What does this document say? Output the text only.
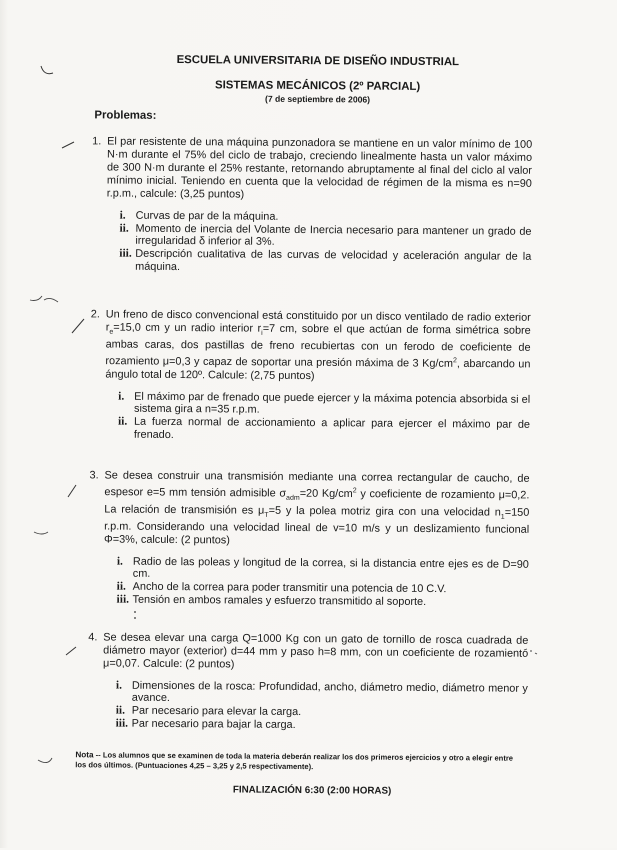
ESCUELA UNIVERSITARIA DE DISEÑO INDUSTRIAL
SISTEMAS MECÁNICOS (2º PARCIAL)
(7 de septiembre de 2006)
Problemas:
1. El par resistente de una máquina punzonadora se mantiene en un valor mínimo de 100 N·m durante el 75% del ciclo de trabajo, creciendo linealmente hasta un valor máximo de 300 N·m durante el 25% restante, retornando abruptamente al final del ciclo al valor mínimo inicial. Teniendo en cuenta que la velocidad de régimen de la misma es n=90 r.p.m., calcule: (3,25 puntos)
i. Curvas de par de la máquina.
ii. Momento de inercia del Volante de Inercia necesario para mantener un grado de irregularidad δ inferior al 3%.
iii. Descripción cualitativa de las curvas de velocidad y aceleración angular de la máquina.
2. Un freno de disco convencional está constituido por un disco ventilado de radio exterior $r_e=15,0$ cm y un radio interior $r_i=7$ cm, sobre el que actúan de forma simétrica sobre ambas caras, dos pastillas de freno recubiertas con un ferodo de coeficiente de rozamiento μ=0,3 y capaz de soportar una presión máxima de 3 $Kg/cm^2$, abarcando un ángulo total de 120º. Calcule: (2,75 puntos)
i. El máximo par de frenado que puede ejercer y la máxima potencia absorbida si el sistema gira a n=35 r.p.m.
ii. La fuerza normal de accionamiento a aplicar para ejercer el máximo par de frenado.
3. Se desea construir una transmisión mediante una correa rectangular de caucho, de espesor e=5 mm tensión admisible $\sigma_{adm}=20$ $Kg/cm^2$ y coeficiente de rozamiento μ=0,2. La relación de transmisión es $\mu_T=5$ y la polea motriz gira con una velocidad $n_1=150$ r.p.m. Considerando una velocidad lineal de v=10 m/s y un deslizamiento funcional Φ=3%, calcule: (2 puntos)
i. Radio de las poleas y longitud de la correa, si la distancia entre ejes es de D=90 cm.
ii. Ancho de la correa para poder transmitir una potencia de 10 C.V.
iii. Tensión en ambos ramales y esfuerzo transmitido al soporte.
4. Se desea elevar una carga Q=1000 Kg con un gato de tornillo de rosca cuadrada de diámetro mayor (exterior) d=44 mm y paso h=8 mm, con un coeficiente de rozamiento μ=0,07. Calcule: (2 puntos)
i. Dimensiones de la rosca: Profundidad, ancho, diámetro medio, diámetro menor y avance.
ii. Par necesario para elevar la carga.
iii. Par necesario para bajar la carga.
Nota -- Los alumnos que se examinen de toda la materia deberán realizar los dos primeros ejercicios y otro a elegir entre los dos últimos. (Puntuaciones 4,25 – 3,25 y 2,5 respectivamente).
FINALIZACIÓN 6:30 (2:00 HORAS)
